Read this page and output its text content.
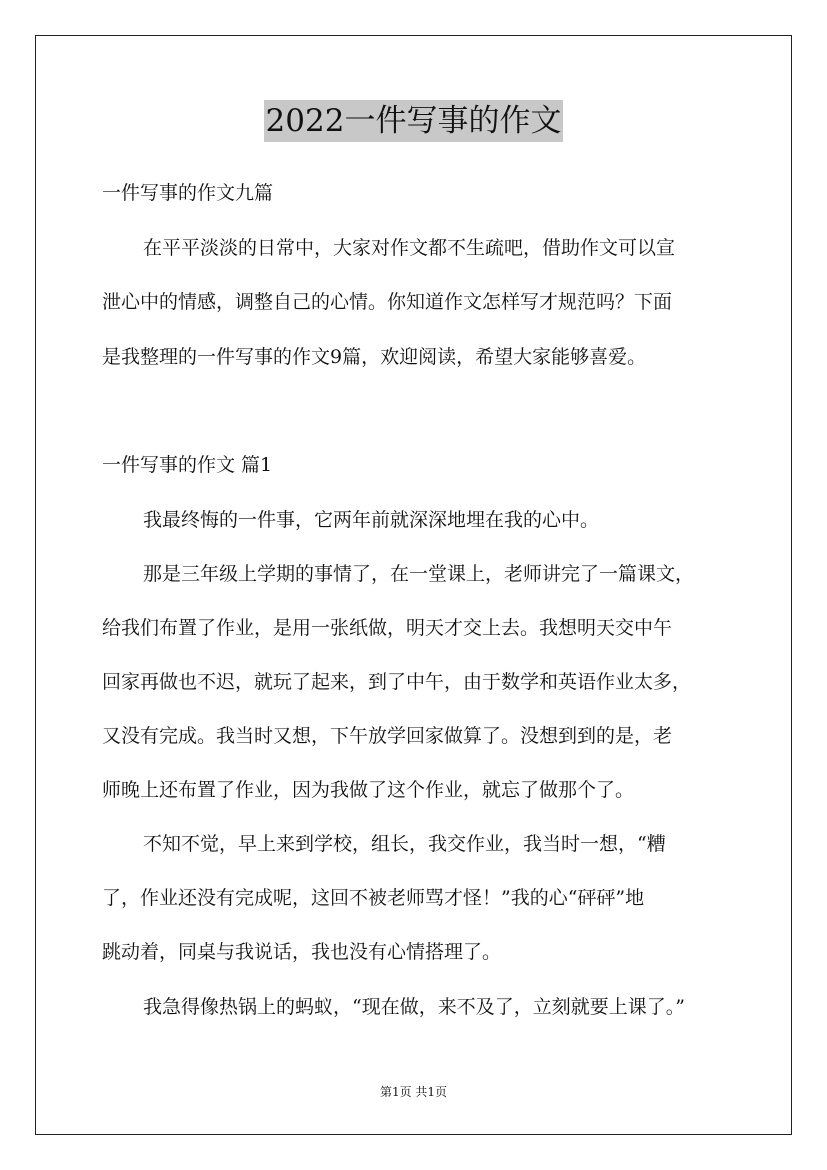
2022一件写事的作文
一件写事的作文九篇
在平平淡淡的日常中，大家对作文都不生疏吧，借助作文可以宣
泄心中的情感，调整自己的心情。你知道作文怎样写才规范吗？下面
是我整理的一件写事的作文9篇，欢迎阅读，希望大家能够喜爱。
一件写事的作文 篇1
我最终悔的一件事，它两年前就深深地埋在我的心中。
那是三年级上学期的事情了，在一堂课上，老师讲完了一篇课文，
给我们布置了作业，是用一张纸做，明天才交上去。我想明天交中午
回家再做也不迟，就玩了起来，到了中午，由于数学和英语作业太多，
又没有完成。我当时又想，下午放学回家做算了。没想到到的是，老
师晚上还布置了作业，因为我做了这个作业，就忘了做那个了。
不知不觉，早上来到学校，组长，我交作业，我当时一想，“糟
了，作业还没有完成呢，这回不被老师骂才怪！”我的心“砰砰”地
跳动着，同桌与我说话，我也没有心情搭理了。
我急得像热锅上的蚂蚁，“现在做，来不及了，立刻就要上课了。”
第1页 共1页
